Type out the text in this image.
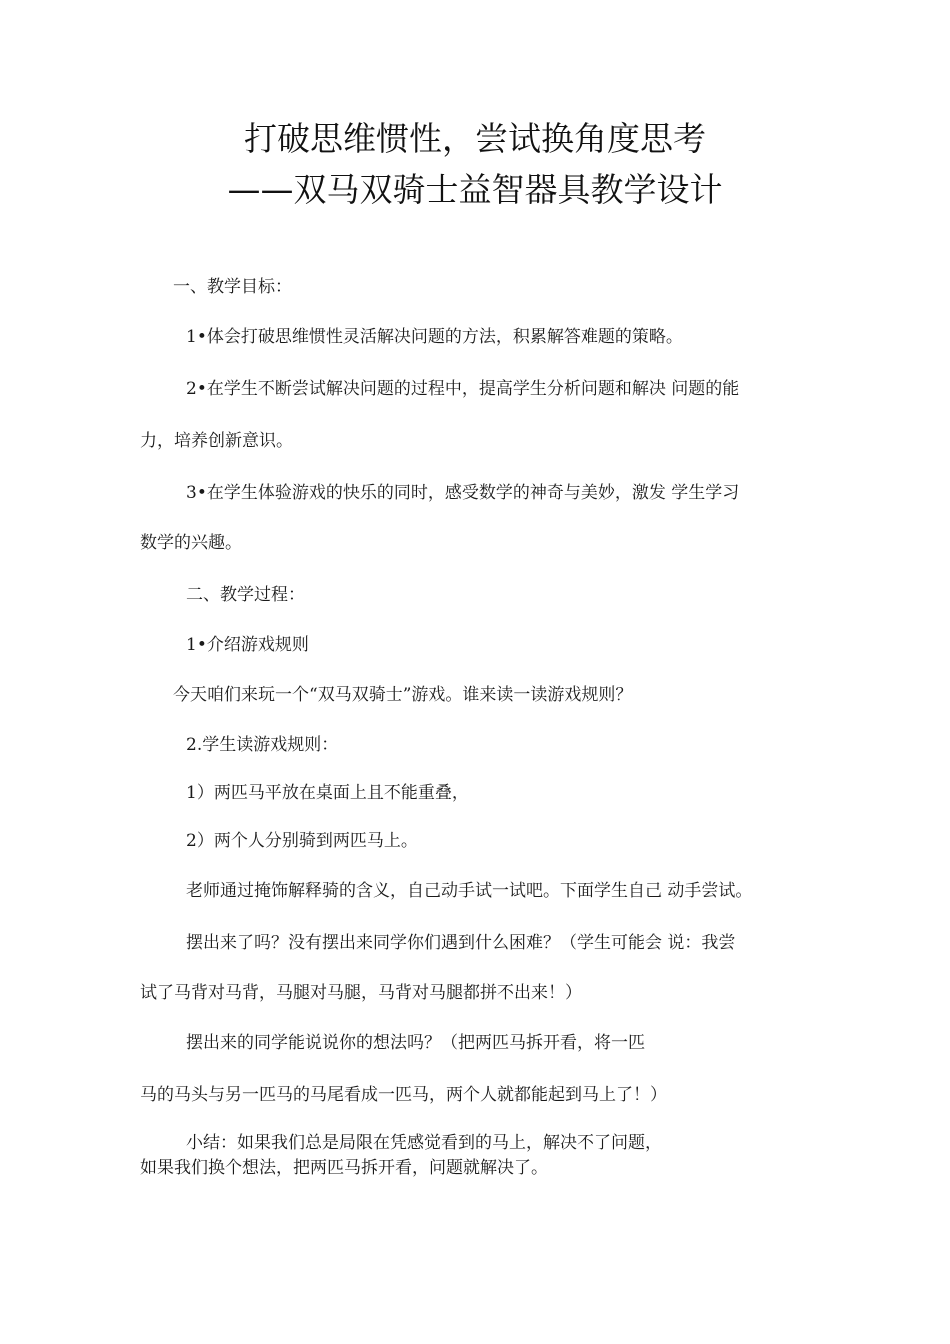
打破思维惯性，尝试换角度思考
——双马双骑士益智器具教学设计
一、教学目标：
1•体会打破思维惯性灵活解决问题的方法，积累解答难题的策略。
2•在学生不断尝试解决问题的过程中，提高学生分析问题和解决 问题的能
力，培养创新意识。
3•在学生体验游戏的快乐的同时，感受数学的神奇与美妙，激发 学生学习
数学的兴趣。
二、教学过程：
1•介绍游戏规则
今天咱们来玩一个“双马双骑士”游戏。谁来读一读游戏规则？
2.学生读游戏规则：
1）两匹马平放在桌面上且不能重叠，
2）两个人分别骑到两匹马上。
老师通过掩饰解释骑的含义，自己动手试一试吧。下面学生自己 动手尝试。
摆出来了吗？没有摆出来同学你们遇到什么困难？（学生可能会 说：我尝
试了马背对马背，马腿对马腿，马背对马腿都拼不出来！）
摆出来的同学能说说你的想法吗？（把两匹马拆开看，将一匹
马的马头与另一匹马的马尾看成一匹马，两个人就都能起到马上了！）
小结：如果我们总是局限在凭感觉看到的马上，解决不了问题，
如果我们换个想法，把两匹马拆开看，问题就解决了。
